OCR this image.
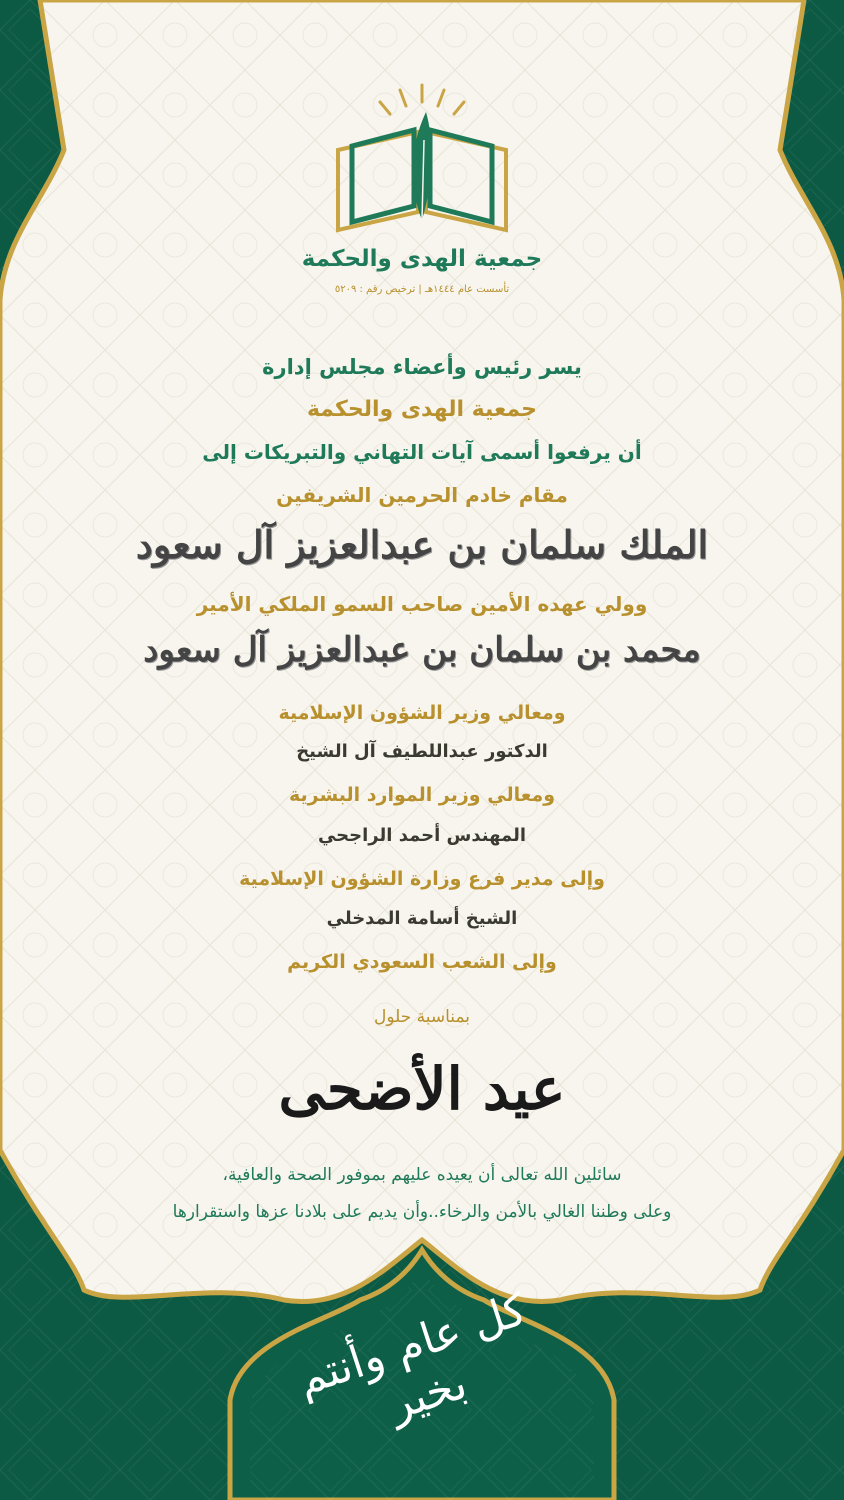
جمعية الهدى والحكمة
تأسست عام ١٤٤٤هـ | ترخيص رقم : ٥٢٠٩
يسر رئيس وأعضاء مجلس إدارة
جمعية الهدى والحكمة
أن يرفعوا أسمى آيات التهاني والتبريكات إلى
مقام خادم الحرمين الشريفين
الملك سلمان بن عبدالعزيز آل سعود
وولي عهده الأمين صاحب السمو الملكي الأمير
محمد بن سلمان بن عبدالعزيز آل سعود
ومعالي وزير الشؤون الإسلامية
الدكتور عبداللطيف آل الشيخ
ومعالي وزير الموارد البشرية
المهندس أحمد الراجحي
وإلى مدير فرع وزارة الشؤون الإسلامية
الشيخ أسامة المدخلي
وإلى الشعب السعودي الكريم
بمناسبة حلول
عيد الأضحى
سائلين الله تعالى أن يعيده عليهم بموفور الصحة والعافية،
وعلى وطننا الغالي بالأمن والرخاء..وأن يديم على بلادنا عزها واستقرارها
كل عام وأنتم بخير
